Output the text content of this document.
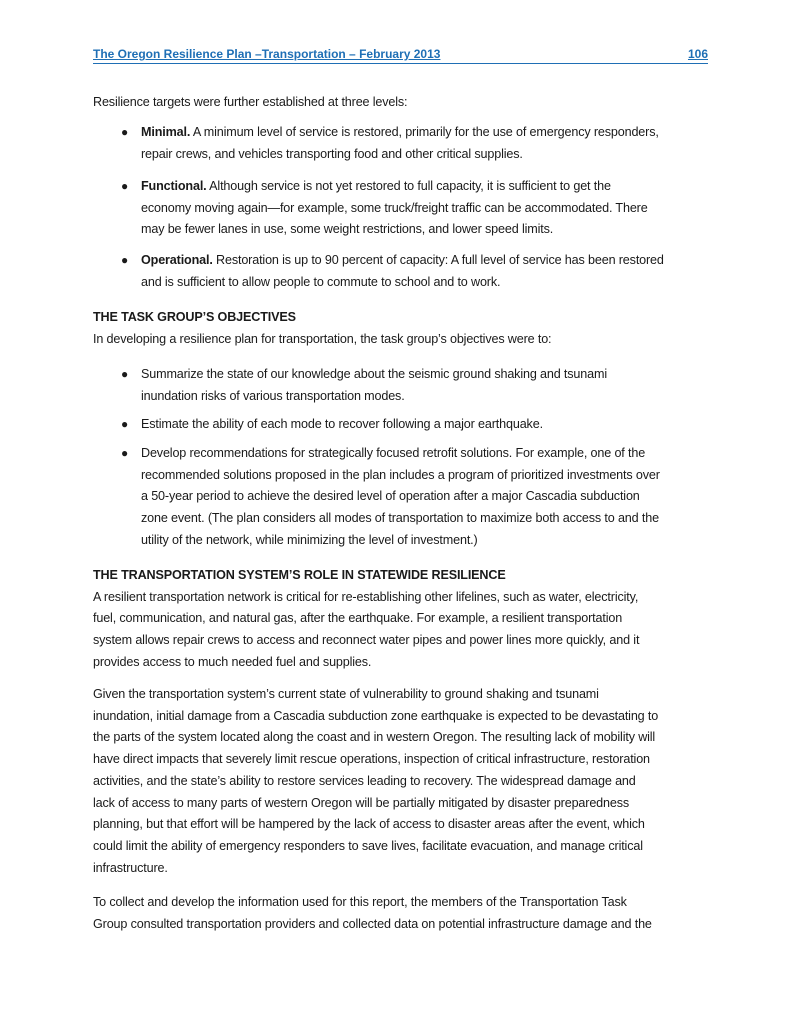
The Oregon Resilience Plan –Transportation – February 2013	106
Resilience targets were further established at three levels:
● Minimal. A minimum level of service is restored, primarily for the use of emergency responders,
repair crews, and vehicles transporting food and other critical supplies.
● Functional. Although service is not yet restored to full capacity, it is sufficient to get the
economy moving again—for example, some truck/freight traffic can be accommodated. There
may be fewer lanes in use, some weight restrictions, and lower speed limits.
● Operational. Restoration is up to 90 percent of capacity: A full level of service has been restored
and is sufficient to allow people to commute to school and to work.
THE TASK GROUP’S OBJECTIVES
In developing a resilience plan for transportation, the task group’s objectives were to:
● Summarize the state of our knowledge about the seismic ground shaking and tsunami
inundation risks of various transportation modes.
● Estimate the ability of each mode to recover following a major earthquake.
● Develop recommendations for strategically focused retrofit solutions. For example, one of the
recommended solutions proposed in the plan includes a program of prioritized investments over
a 50-year period to achieve the desired level of operation after a major Cascadia subduction
zone event. (The plan considers all modes of transportation to maximize both access to and the
utility of the network, while minimizing the level of investment.)
THE TRANSPORTATION SYSTEM’S ROLE IN STATEWIDE RESILIENCE
A resilient transportation network is critical for re-establishing other lifelines, such as water, electricity,
fuel, communication, and natural gas, after the earthquake. For example, a resilient transportation
system allows repair crews to access and reconnect water pipes and power lines more quickly, and it
provides access to much needed fuel and supplies.
Given the transportation system’s current state of vulnerability to ground shaking and tsunami
inundation, initial damage from a Cascadia subduction zone earthquake is expected to be devastating to
the parts of the system located along the coast and in western Oregon. The resulting lack of mobility will
have direct impacts that severely limit rescue operations, inspection of critical infrastructure, restoration
activities, and the state’s ability to restore services leading to recovery. The widespread damage and
lack of access to many parts of western Oregon will be partially mitigated by disaster preparedness
planning, but that effort will be hampered by the lack of access to disaster areas after the event, which
could limit the ability of emergency responders to save lives, facilitate evacuation, and manage critical
infrastructure.
To collect and develop the information used for this report, the members of the Transportation Task
Group consulted transportation providers and collected data on potential infrastructure damage and the
